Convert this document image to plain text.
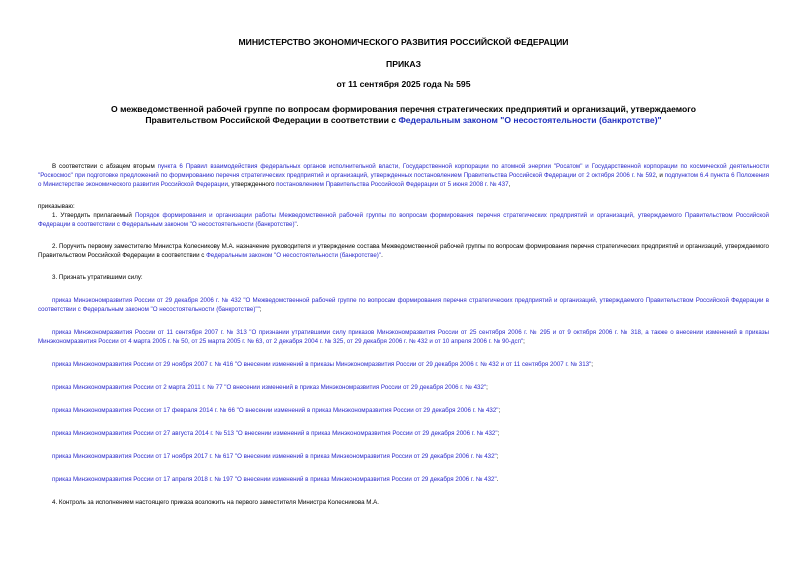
МИНИСТЕРСТВО ЭКОНОМИЧЕСКОГО РАЗВИТИЯ РОССИЙСКОЙ ФЕДЕРАЦИИ
ПРИКАЗ
от 11 сентября 2025 года № 595
О межведомственной рабочей группе по вопросам формирования перечня стратегических предприятий и организаций, утверждаемого Правительством Российской Федерации в соответствии с Федеральным законом "О несостоятельности (банкротстве)"

В соответствии с абзацем вторым пункта 6 Правил взаимодействия федеральных органов исполнительной власти, Государственной корпорации по атомной энергии "Росатом" и Государственной корпорации по космической деятельности "Роскосмос" при подготовке предложений по формированию перечня стратегических предприятий и организаций, утвержденных постановлением Правительства Российской Федерации от 2 октября 2006 г. № 592, и подпунктом 6.4 пункта 6 Положения о Министерстве экономического развития Российской Федерации, утвержденного постановлением Правительства Российской Федерации от 5 июня 2008 г. № 437,

приказываю:

1. Утвердить прилагаемый Порядок формирования и организации работы Межведомственной рабочей группы по вопросам формирования перечня стратегических предприятий и организаций, утверждаемого Правительством Российской Федерации в соответствии с Федеральным законом "О несостоятельности (банкротстве)".

2. Поручить первому заместителю Министра Колесникову М.А. назначение руководителя и утверждение состава Межведомственной рабочей группы по вопросам формирования перечня стратегических предприятий и организаций, утверждаемого Правительством Российской Федерации в соответствии с Федеральным законом "О несостоятельности (банкротстве)".

3. Признать утратившими силу:

приказ Минэкономразвития России от 29 декабря 2006 г. № 432 "О Межведомственной рабочей группе по вопросам формирования перечня стратегических предприятий и организаций, утверждаемого Правительством Российской Федерации в соответствии с Федеральным законом "О несостоятельности (банкротстве)"";

приказ Минэкономразвития России от 11 сентября 2007 г. № 313 "О признании утратившими силу приказов Минэкономразвития России от 25 сентября 2006 г. № 295 и от 9 октября 2006 г. № 318, а также о внесении изменений в приказы Минэкономразвития России от 4 марта 2005 г. № 50, от 25 марта 2005 г. № 63, от 2 декабря 2004 г. № 325, от 29 декабря 2006 г. № 432 и от 10 апреля 2006 г. № 90-дсп";

приказ Минэкономразвития России от 29 ноября 2007 г. № 416 "О внесении изменений в приказы Минэкономразвития России от 29 декабря 2006 г. № 432 и от 11 сентября 2007 г. № 313";

приказ Минэкономразвития России от 2 марта 2011 г. № 77 "О внесении изменений в приказ Минэкономразвития России от 29 декабря 2006 г. № 432";

приказ Минэкономразвития России от 17 февраля 2014 г. № 66 "О внесении изменений в приказ Минэкономразвития России от 29 декабря 2006 г. № 432";

приказ Минэкономразвития России от 27 августа 2014 г. № 513 "О внесении изменений в приказ Минэкономразвития России от 29 декабря 2006 г. № 432";

приказ Минэкономразвития России от 17 ноября 2017 г. № 617 "О внесении изменений в приказ Минэкономразвития России от 29 декабря 2006 г. № 432";

приказ Минэкономразвития России от 17 апреля 2018 г. № 197 "О внесении изменений в приказ Минэкономразвития России от 29 декабря 2006 г. № 432".

4. Контроль за исполнением настоящего приказа возложить на первого заместителя Министра Колесникова М.А.
